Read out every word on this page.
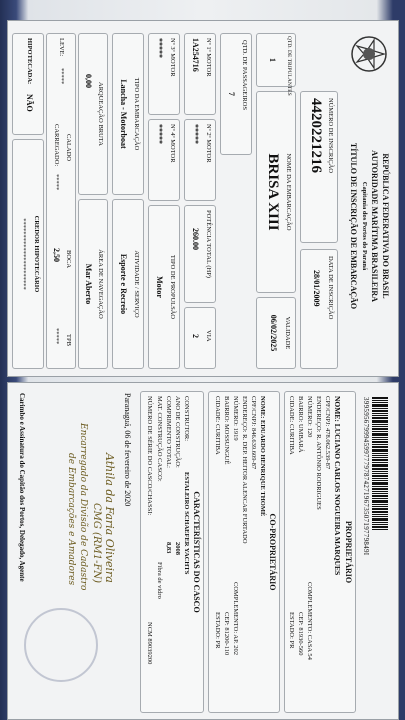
REPÚBLICA FEDERATIVA DO BRASIL
AUTORIDADE MARÍTIMA BRASILEIRA
Capitania dos Portos do Paraná
TÍTULO DE INSCRIÇÃO DE EMBARCAÇÃO
NÚMERO DE INSCRIÇÃO
4420221216
DATA DE INSCRIÇÃO
28/01/2009
NOME DA EMBARCAÇÃO
BRISA XIII
QTD. DE TRIPULANTES
1
QTD. DE PASSAGEIROS
7
VALIDADE
06/02/2025
Nº 1º MOTOR
1A254716
Nº 2º MOTOR
*****
POTÊNCIA TOTAL (HP)
260.00
VIA
2
Nº 3º MOTOR
*****
Nº 4º MOTOR
*****
TIPO DE PROPULSÃO
Motor
TIPO DA EMBARCAÇÃO
Lancha - Motorboat
ATIVIDADE / SERVIÇO
Esporte e Recreio
ARQUEAÇÃO BRUTA
0,00
ÁREA DE NAVEGAÇÃO
Mar Aberto
LEVE:
*****
CALADO
CARREGADO:
*****
BOCA
2,50
TPB
*****
HIPOTECADA:
NÃO
CREDOR HIPOTECÁRIO
**********************
39959567999459977797874271967350719779849I
PROPRIETÁRIO
NOME: LUCIANO CARLOS NOGUEIRA MARQUES
CPF/CNPJ: 478.062.539-87
ENDEREÇO: R. ANTÔNIO RODRIGUES
NÚMERO: 120
COMPLEMENTO: CASA 54
BAIRRO: UMBARÁ
CEP: 81930-560
CIDADE: CURITIBA
ESTADO: PR
CO-PROPRIETÁRIO
NOME: EDUARDO HENRIQUE THOMÉ
CPF/CNPJ: 846.639.609-87
ENDEREÇO: R. DEP. HEITOR ALENCAR FURTADO
NÚMERO: 1919
COMPLEMENTO: AP. 202
BAIRRO: MOSSUNGUÊ
CEP: 81200-110
CIDADE: CURITIBA
ESTADO: PR
CARACTERÍSTICAS DO CASCO
CONSTRUTOR:
ESTALEIRO SCHAEFER YACHTS
ANO DE CONSTRUÇÃO:
2008
COMPRIMENTO TOTAL:
8,83
MAT. CONSTRUÇÃO CASCO:
Fibra de vidro
NÚMERO DE SÉRIE DO CASCO/CHASSI:
NCM 89039200
Paranaguá, 06 de fevereiro de 2020
Athila da Faria Oliveira
CMG (RM1-FN)
Encarregado da Divisão de Cadastro
de Embarcações e Amadores
Carimbo e Assinatura do Capitão dos Portos, Delegado, Agente
